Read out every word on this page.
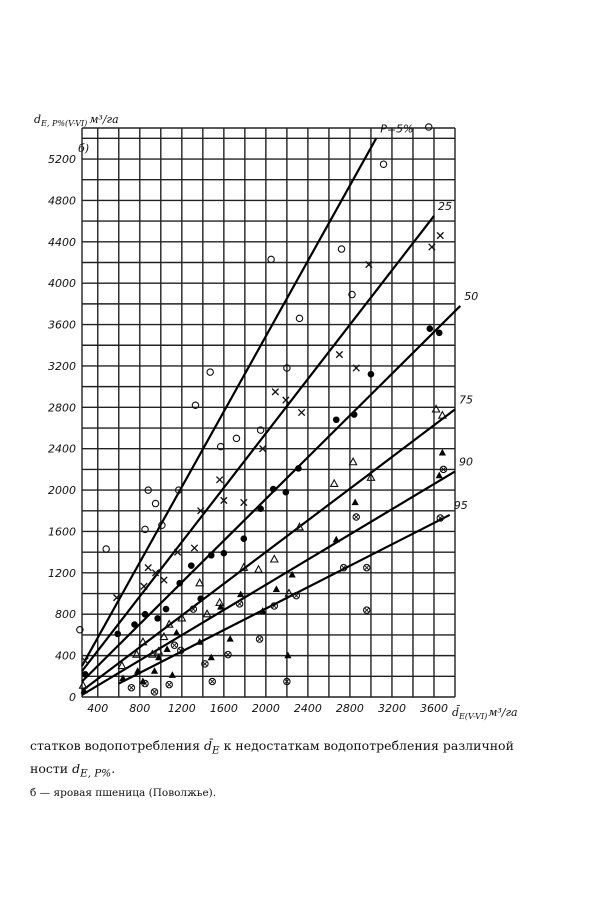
400 800 1200 1600 2000 2400 2800 3200 3600
400
800
1200
1600
2000
2400
2800
3200
3600
4000
4400
4800
5200
0
P=5%
25
50
75
90
95
$d_{E, P\%(V-VI)}$ м³/га
б)
$d̄_{E(V-VI)}м^3/га$

статков водопотребления $d̄_E$ к недостаткам водопотребления различной

ности $d_{E, P\%}$.

б — яровая пшеница (Поволжье).
